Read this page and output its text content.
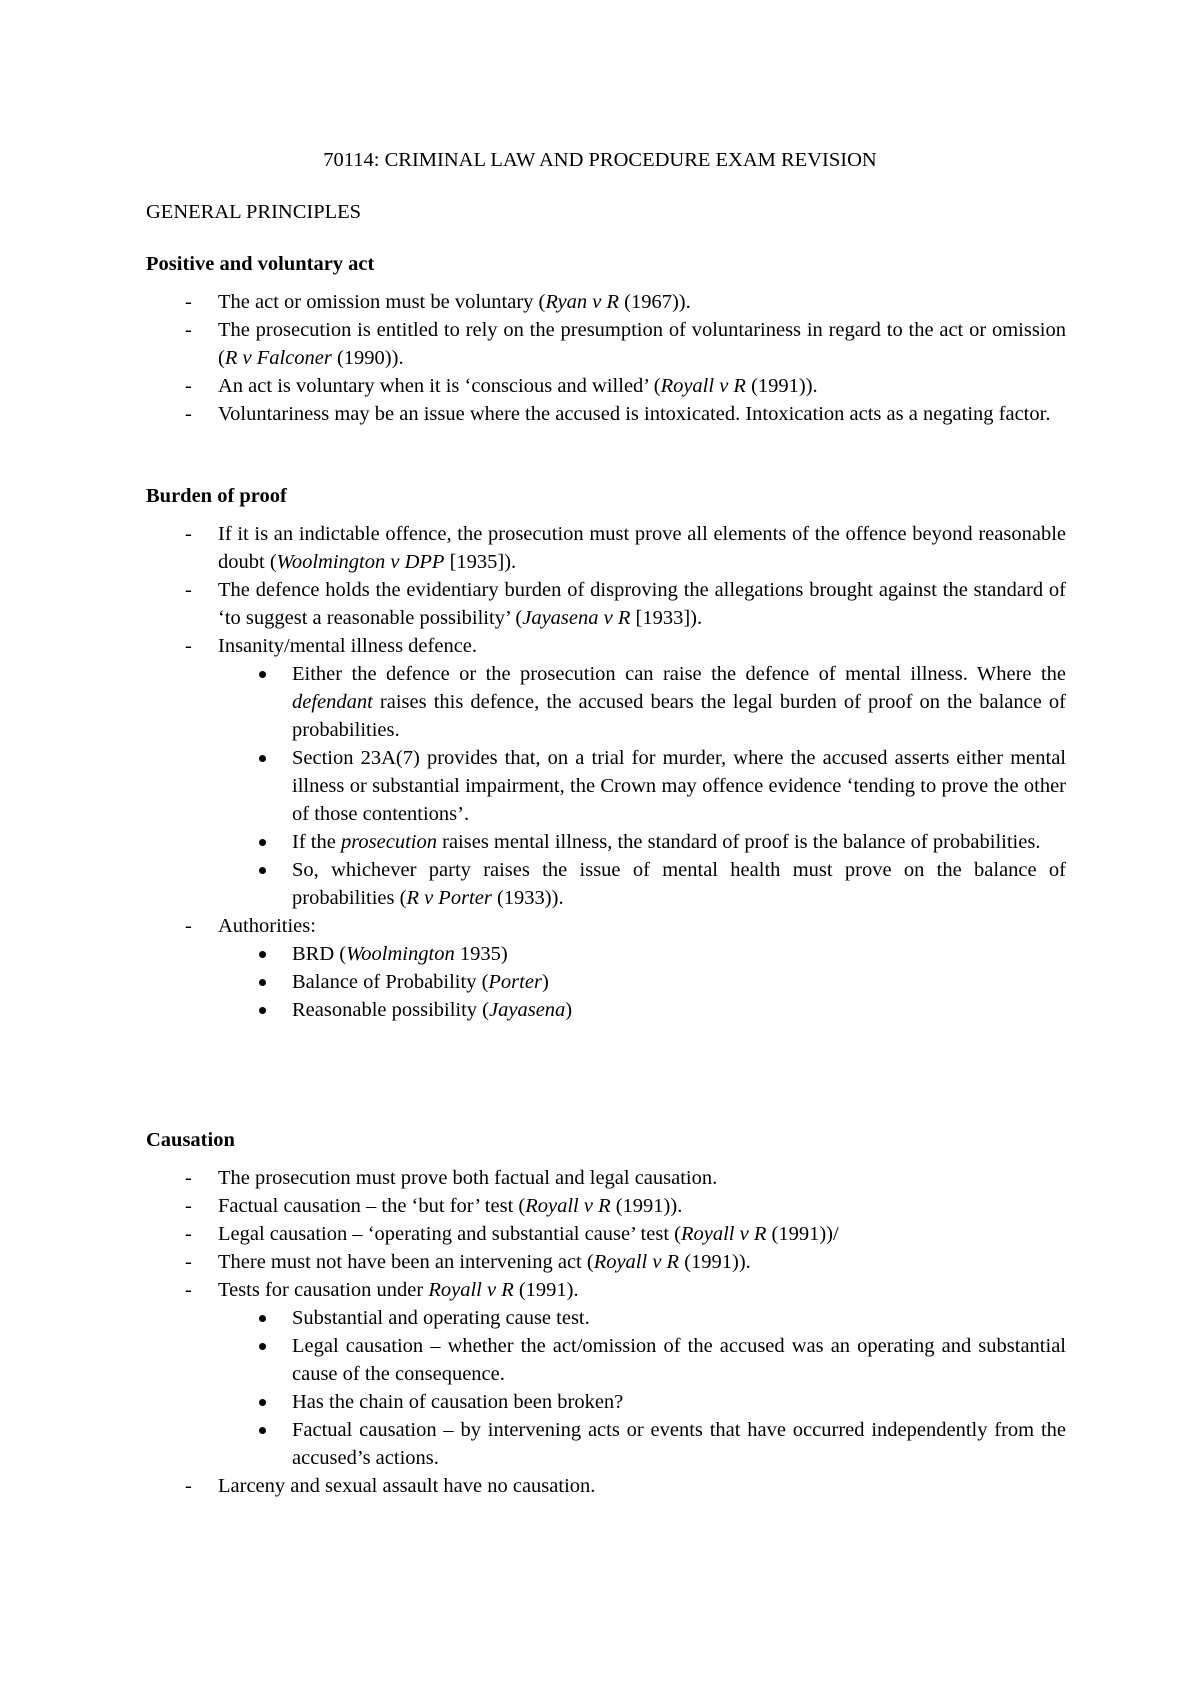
70114: CRIMINAL LAW AND PROCEDURE EXAM REVISION
GENERAL PRINCIPLES
Positive and voluntary act
- The act or omission must be voluntary (Ryan v R (1967)).
- The prosecution is entitled to rely on the presumption of voluntariness in regard to the act or omission (R v Falconer (1990)).
- An act is voluntary when it is ‘conscious and willed’ (Royall v R (1991)).
- Voluntariness may be an issue where the accused is intoxicated. Intoxication acts as a negating factor.
Burden of proof
- If it is an indictable offence, the prosecution must prove all elements of the offence beyond reasonable doubt (Woolmington v DPP [1935]).
- The defence holds the evidentiary burden of disproving the allegations brought against the standard of ‘to suggest a reasonable possibility’ (Jayasena v R [1933]).
- Insanity/mental illness defence.
Either the defence or the prosecution can raise the defence of mental illness. Where the defendant raises this defence, the accused bears the legal burden of proof on the balance of probabilities.
Section 23A(7) provides that, on a trial for murder, where the accused asserts either mental illness or substantial impairment, the Crown may offence evidence ‘tending to prove the other of those contentions’.
If the prosecution raises mental illness, the standard of proof is the balance of probabilities.
So, whichever party raises the issue of mental health must prove on the balance of probabilities (R v Porter (1933)).
- Authorities:
BRD (Woolmington 1935)
Balance of Probability (Porter)
Reasonable possibility (Jayasena)
Causation
- The prosecution must prove both factual and legal causation.
- Factual causation – the ‘but for’ test (Royall v R (1991)).
- Legal causation – ‘operating and substantial cause’ test (Royall v R (1991))/
- There must not have been an intervening act (Royall v R (1991)).
- Tests for causation under Royall v R (1991).
Substantial and operating cause test.
Legal causation – whether the act/omission of the accused was an operating and substantial cause of the consequence.
Has the chain of causation been broken?
Factual causation – by intervening acts or events that have occurred independently from the accused’s actions.
- Larceny and sexual assault have no causation.
